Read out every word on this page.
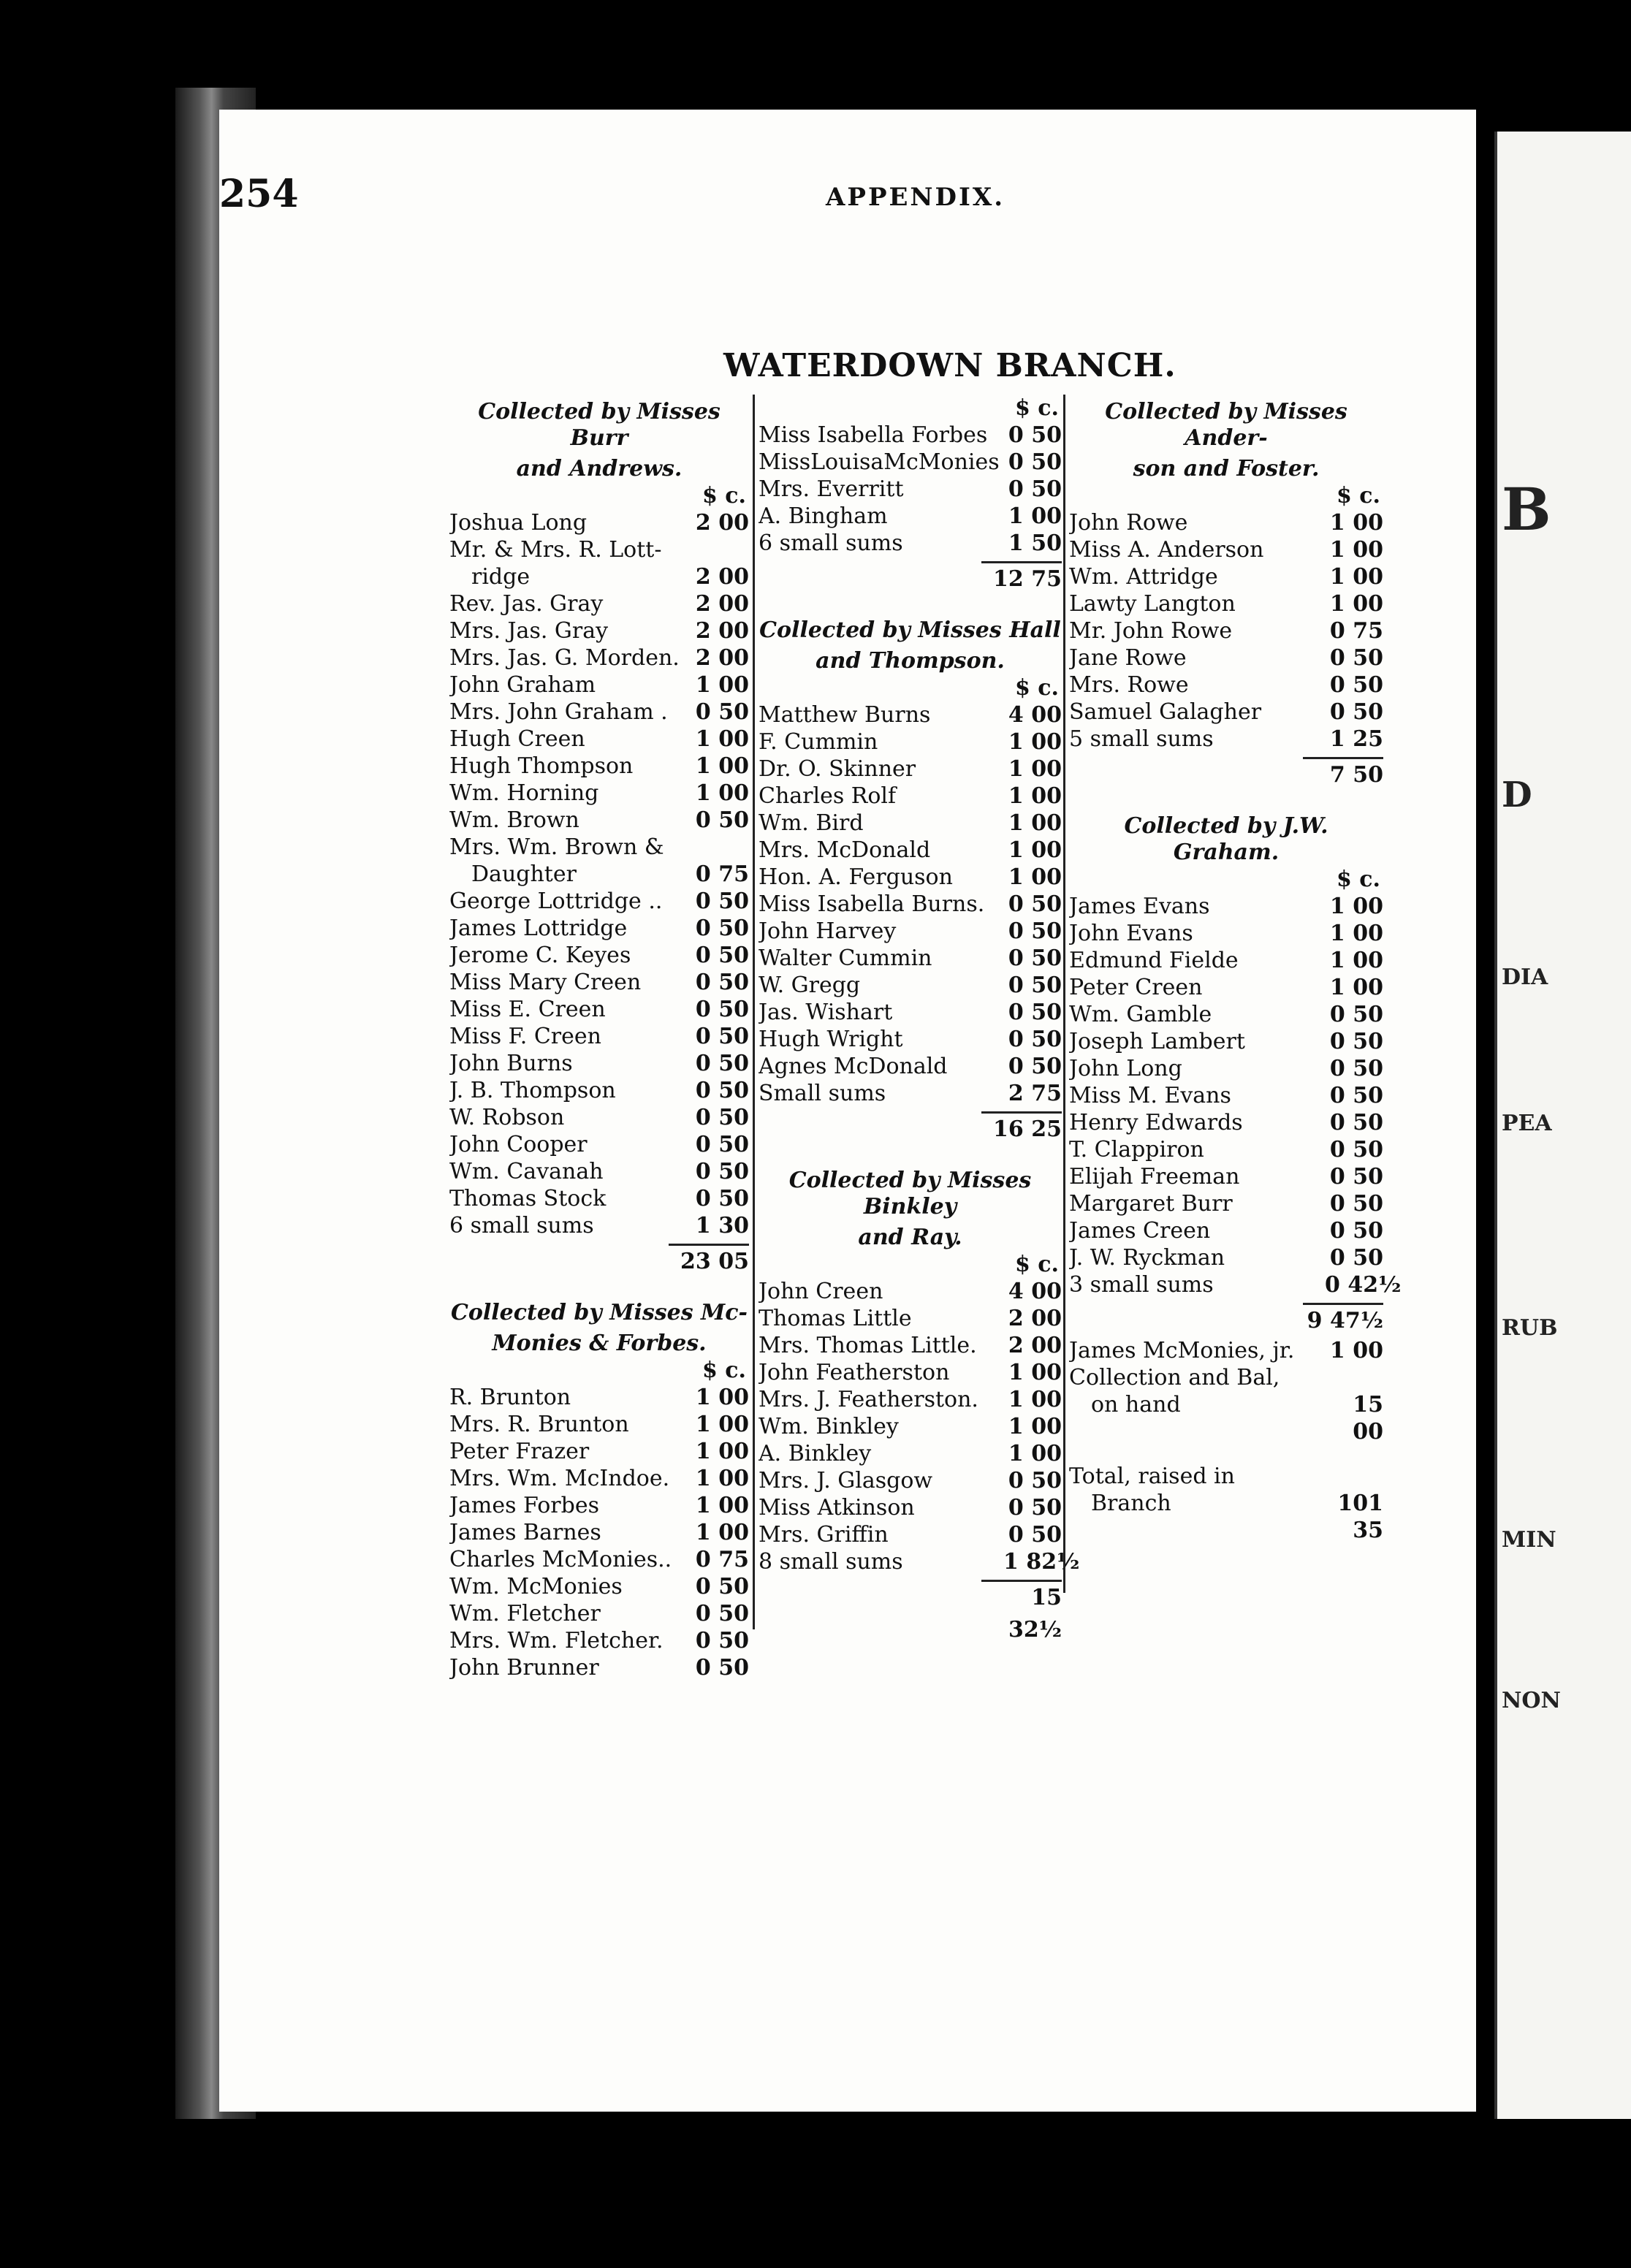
B
D
DIA
PEA
RUB
MIN
NON
254	APPENDIX.
WATERDOWN BRANCH.
Collected by Misses Burr
and Andrews.
$ c.
Joshua Long	2 00
Mr. & Mrs. R. Lott-
ridge	2 00
Rev. Jas. Gray	2 00
Mrs. Jas. Gray	2 00
Mrs. Jas. G. Morden. 2 00
John Graham	1 00
Mrs. John Graham .	0 50
Hugh Creen	1 00
Hugh Thompson	1 00
Wm. Horning	1 00
Wm. Brown	0 50
Mrs. Wm. Brown &
Daughter	0 75
George Lottridge ..	0 50
James Lottridge	0 50
Jerome C. Keyes	0 50
Miss Mary Creen	0 50
Miss E. Creen	0 50
Miss F. Creen	0 50
John Burns	0 50
J. B. Thompson	0 50
W. Robson	0 50
John Cooper	0 50
Wm. Cavanah	0 50
Thomas Stock	0 50
6 small sums	1 30
23 05
Collected by Misses Mc-
Monies & Forbes.
$ c.
R. Brunton	1 00
Mrs. R. Brunton	1 00
Peter Frazer	1 00
Mrs. Wm. McIndoe.	1 00
James Forbes	1 00
James Barnes	1 00
Charles McMonies..	0 75
Wm. McMonies	0 50
Wm. Fletcher	0 50
Mrs. Wm. Fletcher.	0 50
John Brunner	0 50
$ c.
Miss Isabella Forbes 0 50
MissLouisaMcMonies 0 50
Mrs. Everritt	0 50
A. Bingham	1 00
6 small sums	1 50
12 75
Collected by Misses Hall
and Thompson.
$ c.
Matthew Burns	4 00
F. Cummin	1 00
Dr. O. Skinner	1 00
Charles Rolf	1 00
Wm. Bird	1 00
Mrs. McDonald	1 00
Hon. A. Ferguson	1 00
Miss Isabella Burns.	0 50
John Harvey	0 50
Walter Cummin	0 50
W. Gregg	0 50
Jas. Wishart	0 50
Hugh Wright	0 50
Agnes McDonald	0 50
Small sums	2 75
16 25
Collected by Misses Binkley
and Ray.
$ c.
John Creen	4 00
Thomas Little	2 00
Mrs. Thomas Little.	2 00
John Featherston	1 00
Mrs. J. Featherston.	1 00
Wm. Binkley	1 00
A. Binkley	1 00
Mrs. J. Glasgow	0 50
Miss Atkinson	0 50
Mrs. Griffin	0 50
8 small sums	1 82½
15 32½
Collected by Misses Ander-
son and Foster.
$ c.
John Rowe	1 00
Miss A. Anderson	1 00
Wm. Attridge	1 00
Lawty Langton	1 00
Mr. John Rowe	0 75
Jane Rowe	0 50
Mrs. Rowe	0 50
Samuel Galagher	0 50
5 small sums	1 25
7 50
Collected by J.W. Graham.
$ c.
James Evans	1 00
John Evans	1 00
Edmund Fielde	1 00
Peter Creen	1 00
Wm. Gamble	0 50
Joseph Lambert	0 50
John Long	0 50
Miss M. Evans	0 50
Henry Edwards	0 50
T. Clappiron	0 50
Elijah Freeman	0 50
Margaret Burr	0 50
James Creen	0 50
J. W. Ryckman	0 50
3 small sums	0 42½
9 47½
James McMonies, jr.	1 00
Collection and Bal,
on hand	15 00
Total, raised in
Branch	101 35
